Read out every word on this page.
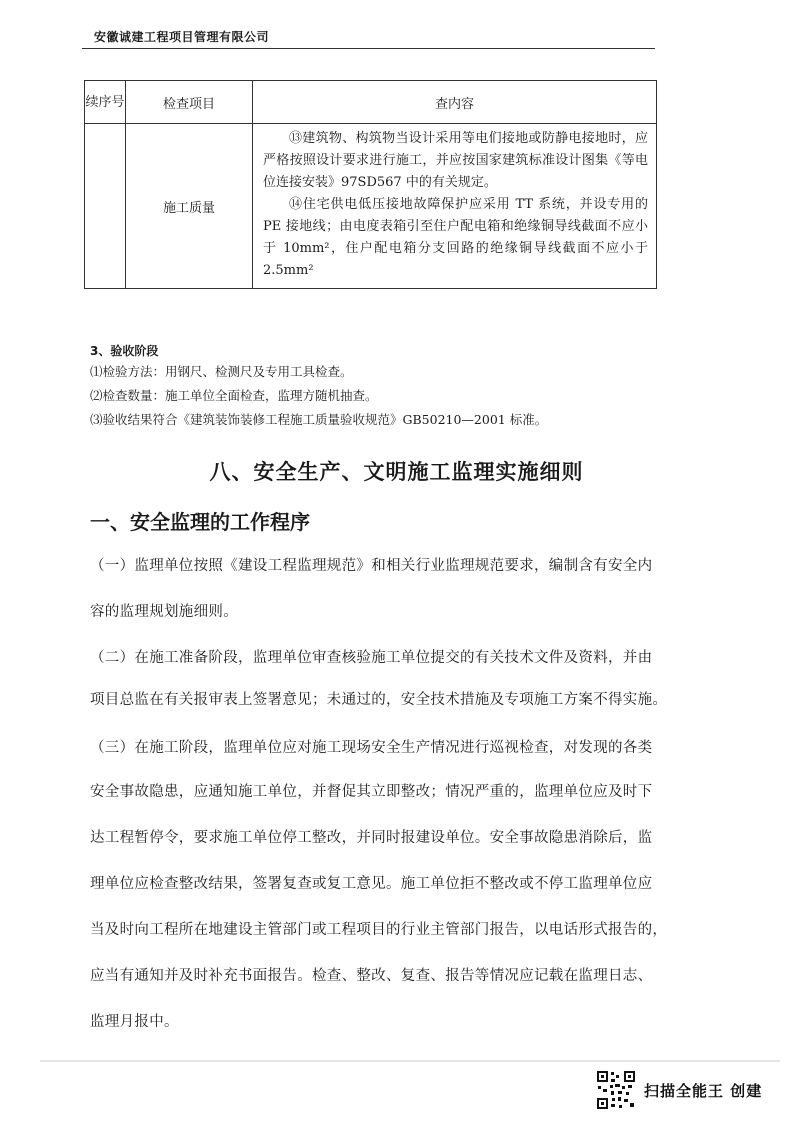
安徽诚建工程项目管理有限公司
续序号	检查项目	查内容
	施工质量	⑬建筑物、构筑物当设计采用等电们接地或防静电接地时，应严格按照设计要求进行施工，并应按国家建筑标准设计图集《等电位连接安装》97SD567 中的有关规定。

⑭住宅供电低压接地故障保护应采用 TT 系统，并设专用的 PE 接地线；由电度表箱引至住户配电箱和绝缘铜导线截面不应小于 10mm²，住户配电箱分支回路的绝缘铜导线截面不应小于 2.5mm²

3、验收阶段
⑴检验方法：用钢尺、检测尺及专用工具检查。
⑵检查数量：施工单位全面检查，监理方随机抽查。
⑶验收结果符合《建筑装饰装修工程施工质量验收规范》GB50210—2001 标准。
八、安全生产、文明施工监理实施细则
一、安全监理的工作程序
（一）监理单位按照《建设工程监理规范》和相关行业监理规范要求，编制含有安全内
容的监理规划施细则。
（二）在施工准备阶段，监理单位审查核验施工单位提交的有关技术文件及资料，并由
项目总监在有关报审表上签署意见；未通过的，安全技术措施及专项施工方案不得实施。
（三）在施工阶段，监理单位应对施工现场安全生产情况进行巡视检查，对发现的各类
安全事故隐患，应通知施工单位，并督促其立即整改；情况严重的，监理单位应及时下
达工程暂停令，要求施工单位停工整改，并同时报建设单位。安全事故隐患消除后，监
理单位应检查整改结果，签署复查或复工意见。施工单位拒不整改或不停工监理单位应
当及时向工程所在地建设主管部门或工程项目的行业主管部门报告，以电话形式报告的，
应当有通知并及时补充书面报告。检查、整改、复查、报告等情况应记载在监理日志、
监理月报中。
扫描全能王 创建
